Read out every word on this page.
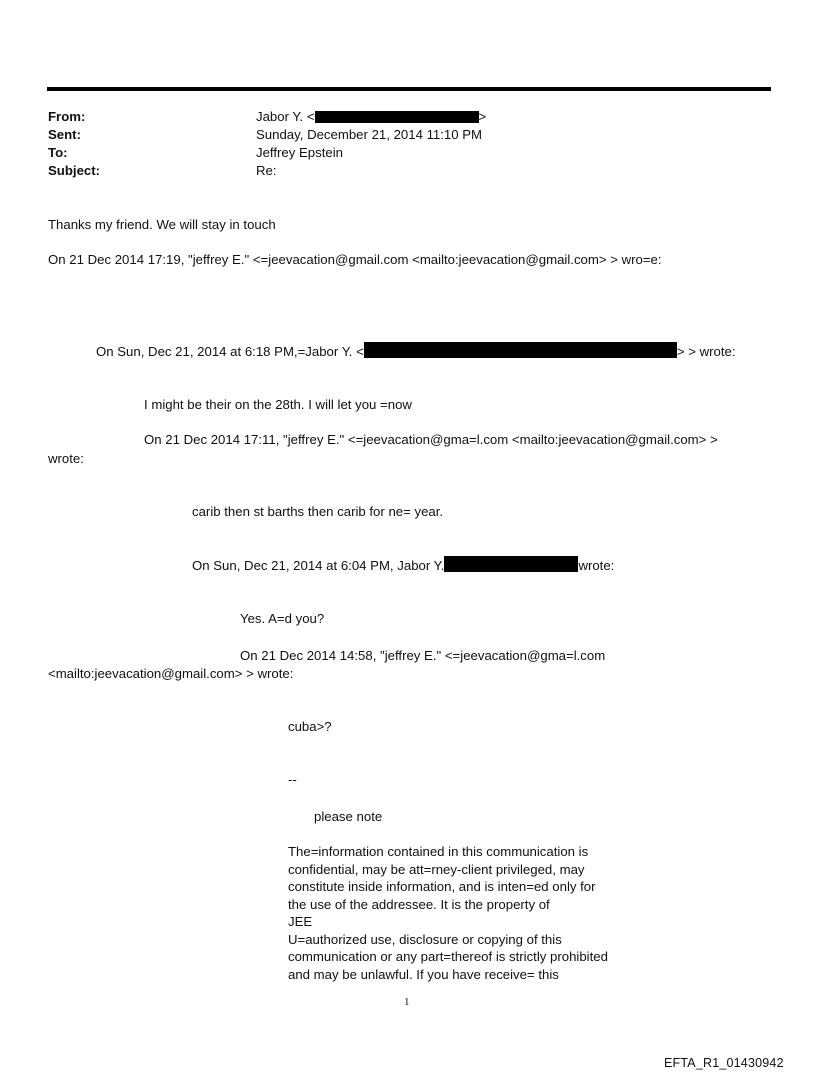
From:	Jabor Y. <	>
Sent:	Sunday, December 21, 2014 11:10 PM
To:	Jeffrey Epstein
Subject:	Re:
Thanks my friend. We will stay in touch
On 21 Dec 2014 17:19, "jeffrey E." <=jeevacation@gmail.com <mailto:jeevacation@gmail.com> > wro=e:
On Sun, Dec 21, 2014 at 6:18 PM,=Jabor Y. <	> > wrote:
I might be their on the 28th. I will let you =now
On 21 Dec 2014 17:11, "jeffrey E." <=jeevacation@gma=l.com <mailto:jeevacation@gmail.com> >
wrote:
carib then st barths then carib for ne= year.
On Sun, Dec 21, 2014 at 6:04 PM, Jabor Y.	wrote:
Yes. A=d you?
On 21 Dec 2014 14:58, "jeffrey E." <=jeevacation@gma=l.com
<mailto:jeevacation@gmail.com> > wrote:
cuba>?
--
please note
The=information contained in this communication is
confidential, may be att=rney-client privileged, may
constitute inside information, and is inten=ed only for
the use of the addressee. It is the property of
JEE
U=authorized use, disclosure or copying of this
communication or any part=thereof is strictly prohibited
and may be unlawful. If you have receive= this
1
EFTA_R1_01430942
